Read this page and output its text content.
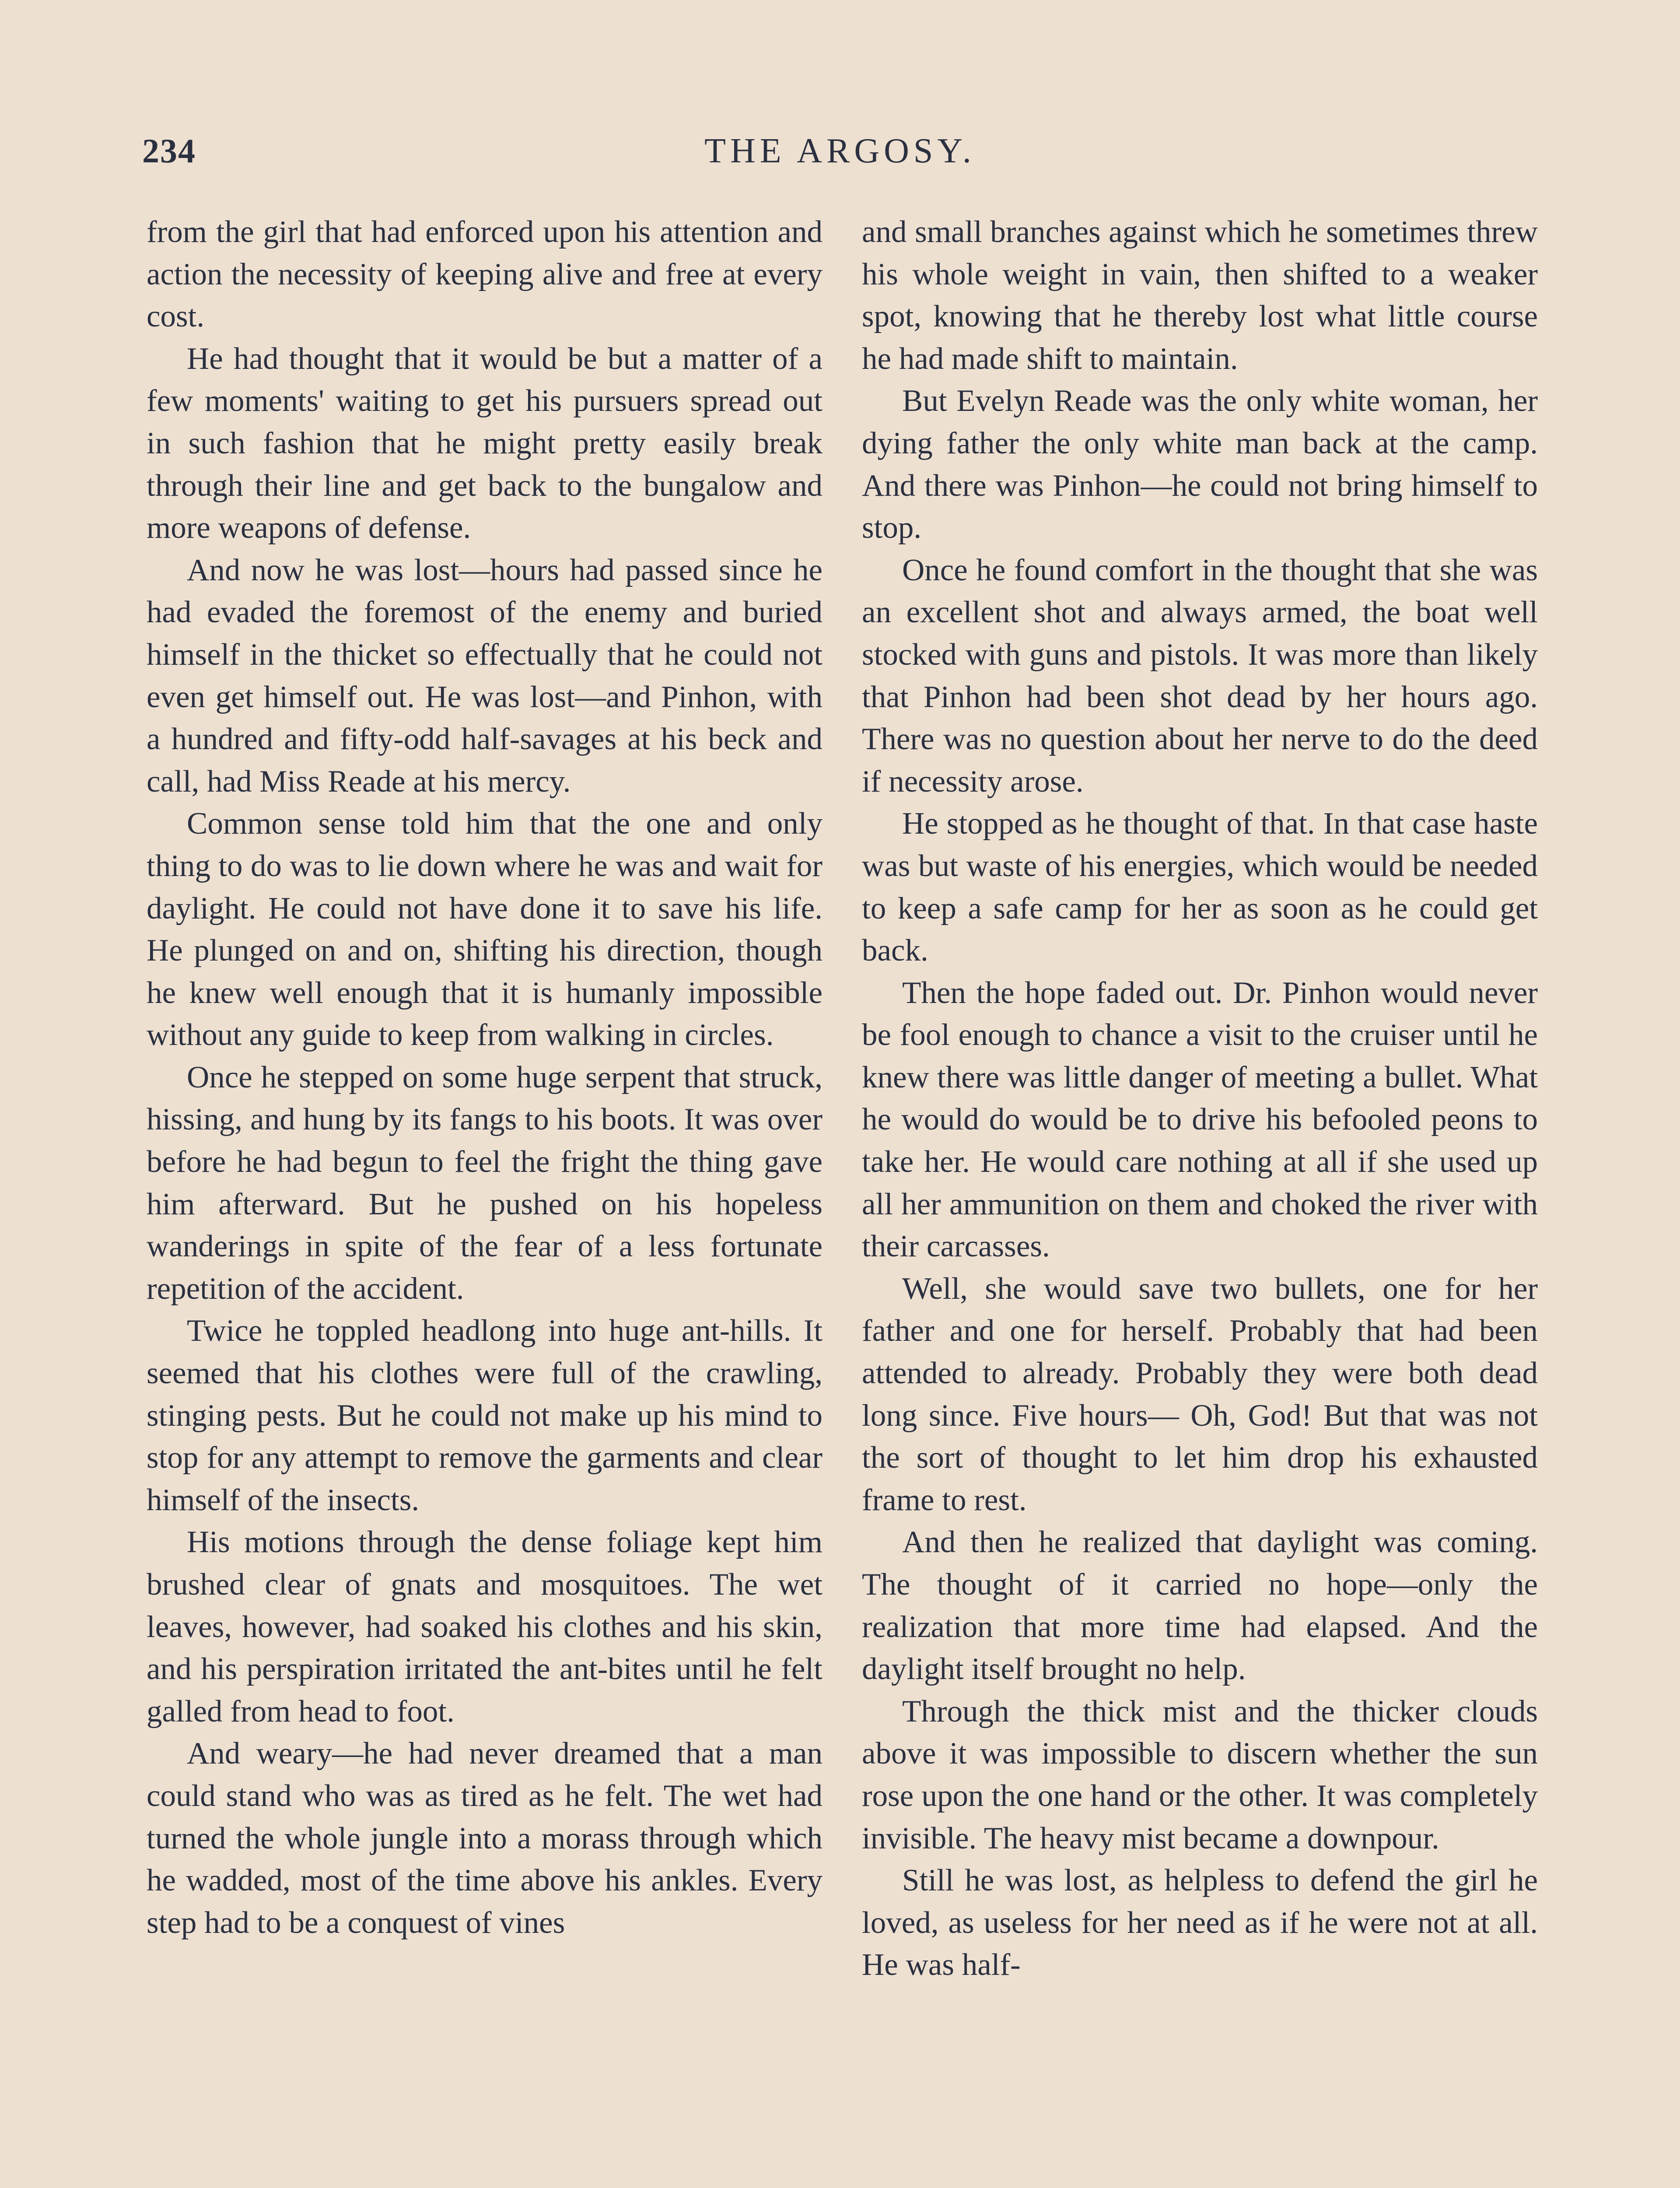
234	THE ARGOSY.

from the girl that had enforced upon his attention and action the necessity of keeping alive and free at every cost.

He had thought that it would be but a matter of a few moments' waiting to get his pursuers spread out in such fashion that he might pretty easily break through their line and get back to the bungalow and more weapons of defense.

And now he was lost—hours had passed since he had evaded the foremost of the enemy and buried himself in the thicket so effectually that he could not even get himself out. He was lost—and Pinhon, with a hundred and fifty-odd half-savages at his beck and call, had Miss Reade at his mercy.

Common sense told him that the one and only thing to do was to lie down where he was and wait for daylight. He could not have done it to save his life. He plunged on and on, shifting his direction, though he knew well enough that it is humanly impossible without any guide to keep from walking in circles.

Once he stepped on some huge serpent that struck, hissing, and hung by its fangs to his boots. It was over before he had begun to feel the fright the thing gave him afterward. But he pushed on his hopeless wanderings in spite of the fear of a less fortunate repetition of the accident.

Twice he toppled headlong into huge ant-hills. It seemed that his clothes were full of the crawling, stinging pests. But he could not make up his mind to stop for any attempt to remove the garments and clear himself of the insects.

His motions through the dense foliage kept him brushed clear of gnats and mosquitoes. The wet leaves, however, had soaked his clothes and his skin, and his perspiration irritated the ant-bites until he felt galled from head to foot.

And weary—he had never dreamed that a man could stand who was as tired as he felt. The wet had turned the whole jungle into a morass through which he wadded, most of the time above his ankles. Every step had to be a conquest of vines

and small branches against which he sometimes threw his whole weight in vain, then shifted to a weaker spot, knowing that he thereby lost what little course he had made shift to maintain.

But Evelyn Reade was the only white woman, her dying father the only white man back at the camp. And there was Pinhon—he could not bring himself to stop.

Once he found comfort in the thought that she was an excellent shot and always armed, the boat well stocked with guns and pistols. It was more than likely that Pinhon had been shot dead by her hours ago. There was no question about her nerve to do the deed if necessity arose.

He stopped as he thought of that. In that case haste was but waste of his energies, which would be needed to keep a safe camp for her as soon as he could get back.

Then the hope faded out. Dr. Pinhon would never be fool enough to chance a visit to the cruiser until he knew there was little danger of meeting a bullet. What he would do would be to drive his befooled peons to take her. He would care nothing at all if she used up all her ammunition on them and choked the river with their carcasses.

Well, she would save two bullets, one for her father and one for herself. Probably that had been attended to already. Probably they were both dead long since. Five hours— Oh, God! But that was not the sort of thought to let him drop his exhausted frame to rest.

And then he realized that daylight was coming. The thought of it carried no hope—only the realization that more time had elapsed. And the daylight itself brought no help.

Through the thick mist and the thicker clouds above it was impossible to discern whether the sun rose upon the one hand or the other. It was completely invisible. The heavy mist became a downpour.

Still he was lost, as helpless to defend the girl he loved, as useless for her need as if he were not at all. He was half-
